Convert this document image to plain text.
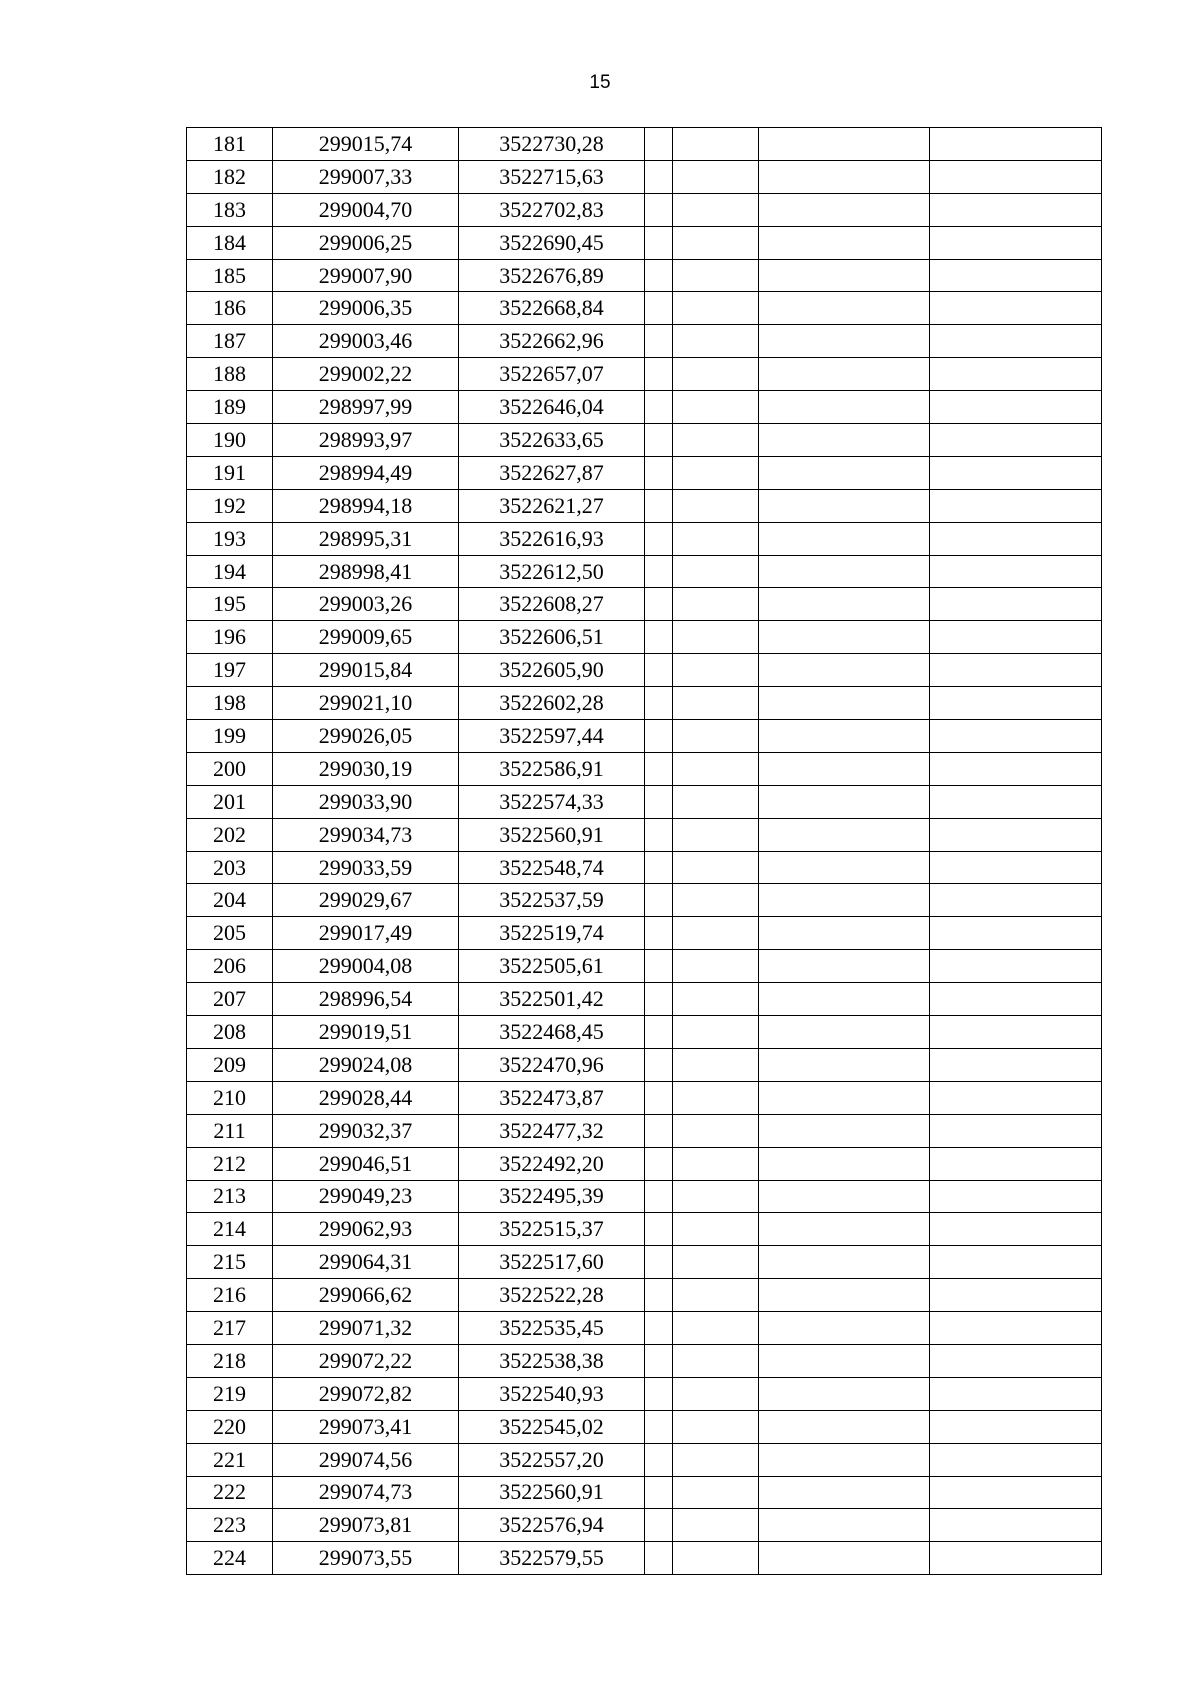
15
181	299015,74	3522730,28				
182	299007,33	3522715,63				
183	299004,70	3522702,83				
184	299006,25	3522690,45				
185	299007,90	3522676,89				
186	299006,35	3522668,84				
187	299003,46	3522662,96				
188	299002,22	3522657,07				
189	298997,99	3522646,04				
190	298993,97	3522633,65				
191	298994,49	3522627,87				
192	298994,18	3522621,27				
193	298995,31	3522616,93				
194	298998,41	3522612,50				
195	299003,26	3522608,27				
196	299009,65	3522606,51				
197	299015,84	3522605,90				
198	299021,10	3522602,28				
199	299026,05	3522597,44				
200	299030,19	3522586,91				
201	299033,90	3522574,33				
202	299034,73	3522560,91				
203	299033,59	3522548,74				
204	299029,67	3522537,59				
205	299017,49	3522519,74				
206	299004,08	3522505,61				
207	298996,54	3522501,42				
208	299019,51	3522468,45				
209	299024,08	3522470,96				
210	299028,44	3522473,87				
211	299032,37	3522477,32				
212	299046,51	3522492,20				
213	299049,23	3522495,39				
214	299062,93	3522515,37				
215	299064,31	3522517,60				
216	299066,62	3522522,28				
217	299071,32	3522535,45				
218	299072,22	3522538,38				
219	299072,82	3522540,93				
220	299073,41	3522545,02				
221	299074,56	3522557,20				
222	299074,73	3522560,91				
223	299073,81	3522576,94				
224	299073,55	3522579,55				
